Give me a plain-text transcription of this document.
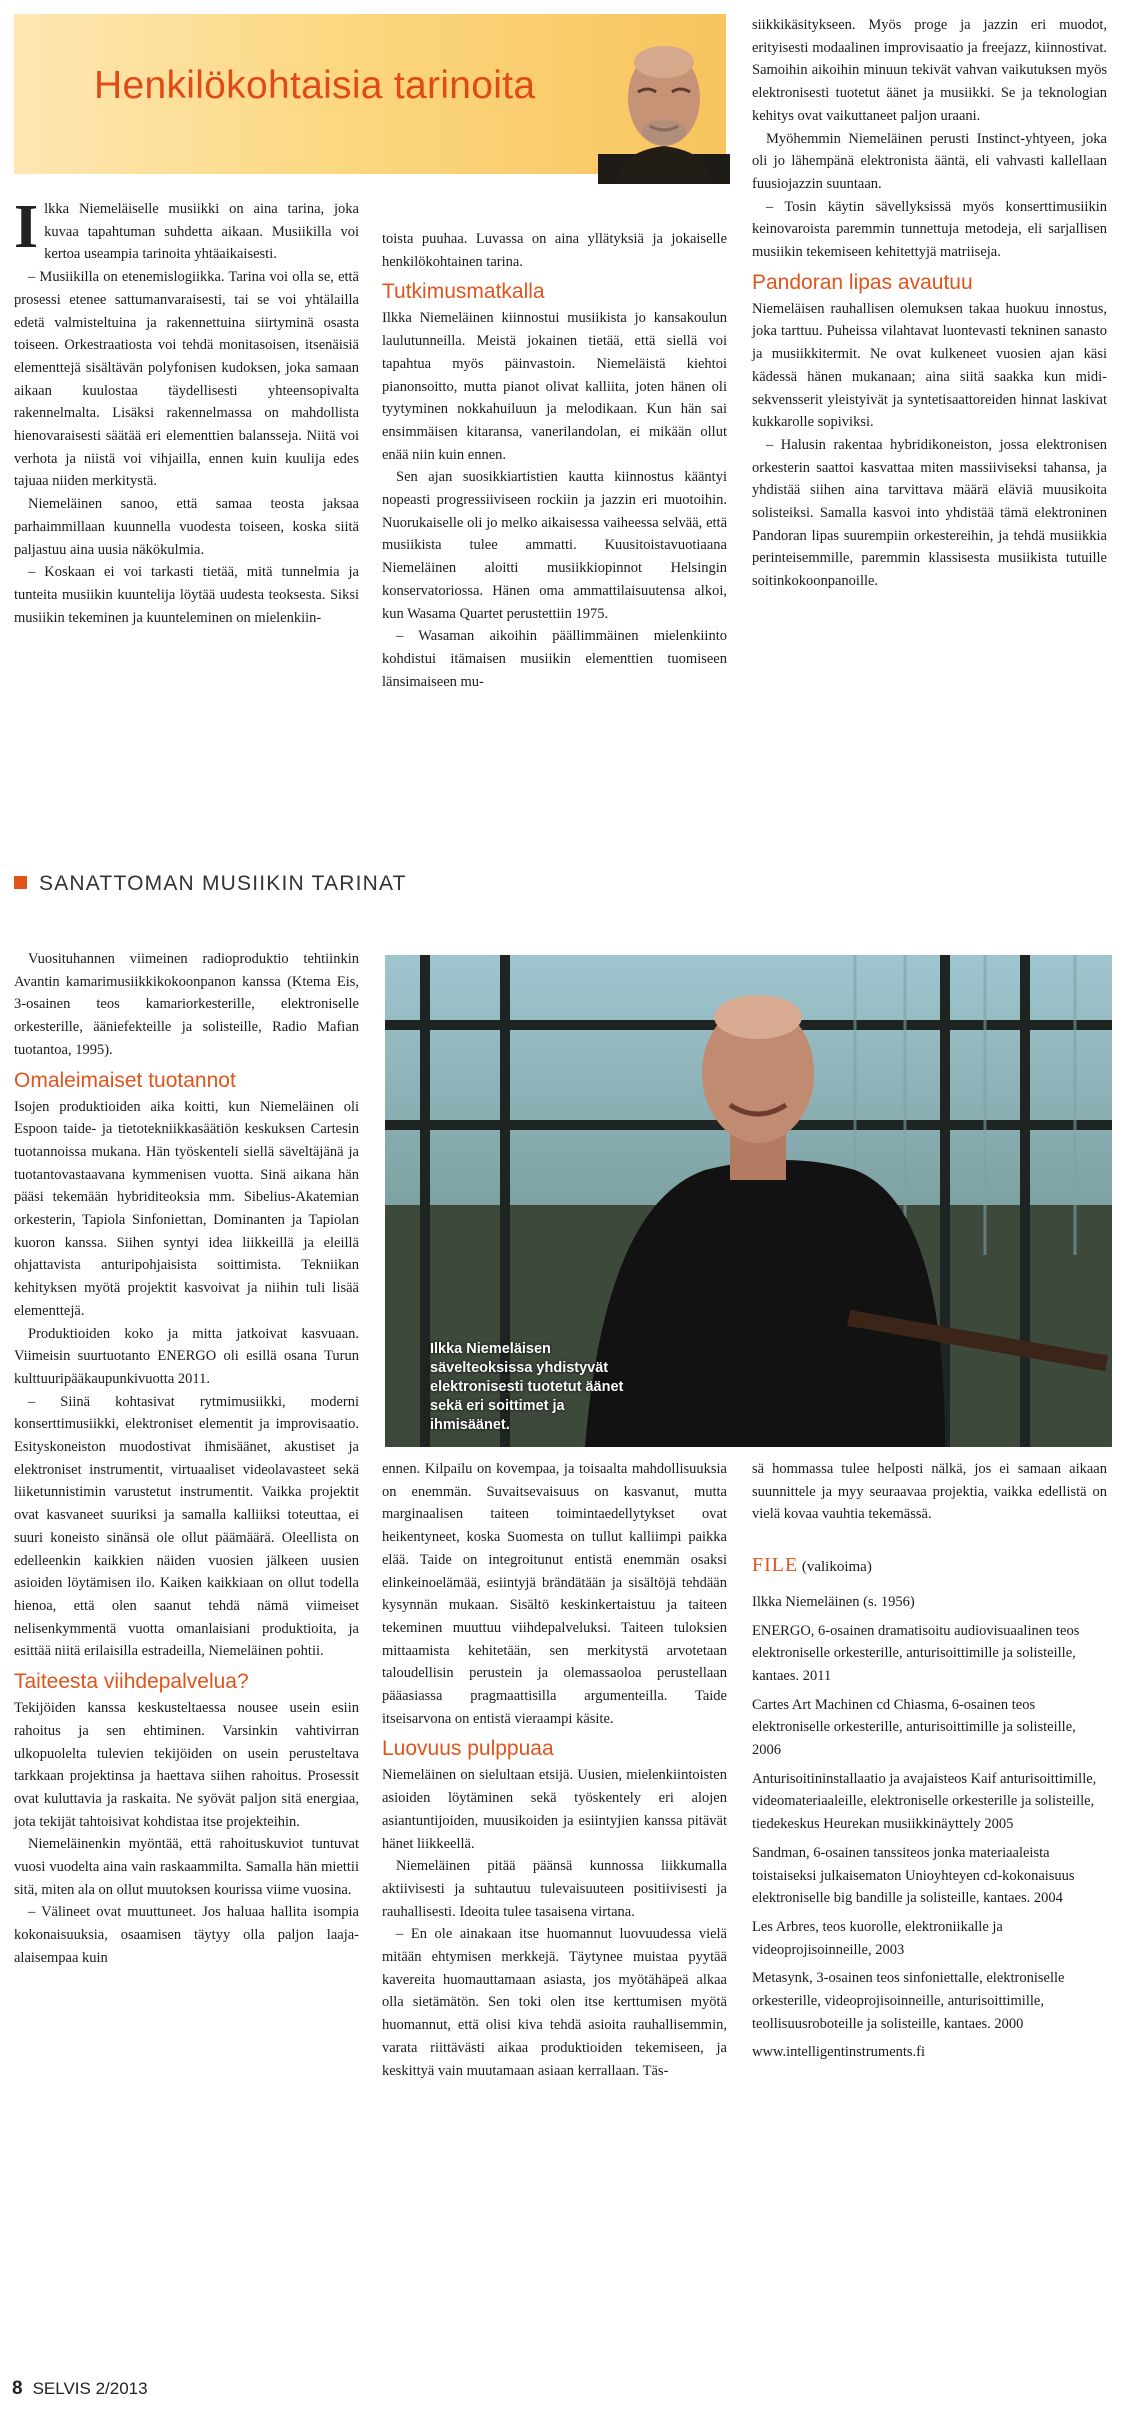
Henkilökohtaisia tarinoita

Ilkka Niemeläiselle musiikki on aina tarina, joka kuvaa tapahtuman suhdetta aikaan. Musiikilla voi kertoa useampia tarinoita yhtäaikaisesti.

– Musiikilla on etenemislogiikka. Tarina voi olla se, että prosessi etenee sattumanvaraisesti, tai se voi yhtälailla edetä valmisteltuina ja rakennettuina siirtyminä osasta toiseen. Orkestraatiosta voi tehdä monitasoisen, itsenäisiä elementtejä sisältävän polyfonisen kudoksen, joka samaan aikaan kuulostaa täydellisesti yhteensopivalta rakennelmalta. Lisäksi rakennelmassa on mahdollista hienovaraisesti säätää eri elementtien balansseja. Niitä voi verhota ja niistä voi vihjailla, ennen kuin kuulija edes tajuaa niiden merkitystä.

Niemeläinen sanoo, että samaa teosta jaksaa parhaimmillaan kuunnella vuodesta toiseen, koska siitä paljastuu aina uusia näkökulmia.

– Koskaan ei voi tarkasti tietää, mitä tunnelmia ja tunteita musiikin kuuntelija löytää uudesta teoksesta. Siksi musiikin tekeminen ja kuunteleminen on mielenkiin-

toista puuhaa. Luvassa on aina yllätyksiä ja jokaiselle henkilökohtainen tarina.

Tutkimusmatkalla

Ilkka Niemeläinen kiinnostui musiikista jo kansakoulun laulutunneilla. Meistä jokainen tietää, että siellä voi tapahtua myös päinvastoin. Niemeläistä kiehtoi pianonsoitto, mutta pianot olivat kalliita, joten hänen oli tyytyminen nokkahuiluun ja melodikaan. Kun hän sai ensimmäisen kitaransa, vanerilandolan, ei mikään ollut enää niin kuin ennen.

Sen ajan suosikkiartistien kautta kiinnostus kääntyi nopeasti progressiiviseen rockiin ja jazzin eri muotoihin. Nuorukaiselle oli jo melko aikaisessa vaiheessa selvää, että musiikista tulee ammatti. Kuusitoistavuotiaana Niemeläinen aloitti musiikkiopinnot Helsingin konservatoriossa. Hänen oma ammattilaisuutensa alkoi, kun Wasama Quartet perustettiin 1975.

– Wasaman aikoihin päällimmäinen mielenkiinto kohdistui itämaisen musiikin elementtien tuomiseen länsimaiseen mu-

siikkikäsitykseen. Myös proge ja jazzin eri muodot, erityisesti modaalinen improvisaatio ja freejazz, kiinnostivat. Samoihin aikoihin minuun tekivät vahvan vaikutuksen myös elektronisesti tuotetut äänet ja musiikki. Se ja teknologian kehitys ovat vaikuttaneet paljon uraani.

Myöhemmin Niemeläinen perusti Instinct-yhtyeen, joka oli jo lähempänä elektronista ääntä, eli vahvasti kallellaan fuusiojazzin suuntaan.

– Tosin käytin sävellyksissä myös konserttimusiikin keinovaroista paremmin tunnettuja metodeja, eli sarjallisen musiikin tekemiseen kehitettyjä matriiseja.

Pandoran lipas avautuu

Niemeläisen rauhallisen olemuksen takaa huokuu innostus, joka tarttuu. Puheissa vilahtavat luontevasti tekninen sanasto ja musiikkitermit. Ne ovat kulkeneet vuosien ajan käsi kädessä hänen mukanaan; aina siitä saakka kun midi-sekvensserit yleistyivät ja syntetisaattoreiden hinnat laskivat kukkarolle sopiviksi.

– Halusin rakentaa hybridikoneiston, jossa elektronisen orkesterin saattoi kasvattaa miten massiiviseksi tahansa, ja yhdistää siihen aina tarvittava määrä eläviä muusikoita solisteiksi. Samalla kasvoi into yhdistää tämä elektroninen Pandoran lipas suurempiin orkestereihin, ja tehdä musiikkia perinteisemmille, paremmin klassisesta musiikista tutuille soitinkokoonpanoille.

SANATTOMAN MUSIIKIN TARINAT
Ilkka Niemeläisen sävelteoksissa yhdistyvät elektronisesti tuotetut äänet sekä eri soittimet ja ihmisäänet.

Vuosituhannen viimeinen radioproduktio tehtiinkin Avantin kamarimusiikkikokoonpanon kanssa (Ktema Eis, 3-osainen teos kamariorkesterille, elektroniselle orkesterille, ääniefekteille ja solisteille, Radio Mafian tuotantoa, 1995).

Omaleimaiset tuotannot

Isojen produktioiden aika koitti, kun Niemeläinen oli Espoon taide- ja tietotekniikkasäätiön keskuksen Cartesin tuotannoissa mukana. Hän työskenteli siellä säveltäjänä ja tuotantovastaavana kymmenisen vuotta. Sinä aikana hän pääsi tekemään hybriditeoksia mm. Sibelius-Akatemian orkesterin, Tapiola Sinfoniettan, Dominanten ja Tapiolan kuoron kanssa. Siihen syntyi idea liikkeillä ja eleillä ohjattavista anturipohjaisista soittimista. Tekniikan kehityksen myötä projektit kasvoivat ja niihin tuli lisää elementtejä.

Produktioiden koko ja mitta jatkoivat kasvuaan. Viimeisin suurtuotanto ENERGO oli esillä osana Turun kulttuuripääkaupunkivuotta 2011.

– Siinä kohtasivat rytmimusiikki, moderni konserttimusiikki, elektroniset elementit ja improvisaatio. Esityskoneiston muodostivat ihmisäänet, akustiset ja elektroniset instrumentit, virtuaaliset videolavasteet sekä liiketunnistimin varustetut instrumentit. Vaikka projektit ovat kasvaneet suuriksi ja samalla kalliiksi toteuttaa, ei suuri koneisto sinänsä ole ollut päämäärä. Oleellista on edelleenkin kaikkien näiden vuosien jälkeen uusien asioiden löytämisen ilo. Kaiken kaikkiaan on ollut todella hienoa, että olen saanut tehdä nämä viimeiset nelisenkymmentä vuotta omanlaisiani produktioita, ja esittää niitä erilaisilla estradeilla, Niemeläinen pohtii.

Taiteesta viihdepalveluа?

Tekijöiden kanssa keskusteltaessa nousee usein esiin rahoitus ja sen ehtiminen. Varsinkin vahtivirran ulkopuolelta tulevien tekijöiden on usein perusteltava tarkkaan projektinsa ja haettava siihen rahoitus. Prosessit ovat kuluttavia ja raskaita. Ne syövät paljon sitä energiaa, jota tekijät tahtoisivat kohdistaa itse projekteihin.

Niemeläinenkin myöntää, että rahoituskuviot tuntuvat vuosi vuodelta aina vain raskaammilta. Samalla hän miettii sitä, miten ala on ollut muutoksen kourissa viime vuosina.

– Välineet ovat muuttuneet. Jos haluaa hallita isompia kokonaisuuksia, osaamisen täytyy olla paljon laaja-alaisempaa kuin

ennen. Kilpailu on kovempaa, ja toisaalta mahdollisuuksia on enemmän. Suvaitsevaisuus on kasvanut, mutta marginaalisen taiteen toimintaedellytykset ovat heikentyneet, koska Suomesta on tullut kalliimpi paikka elää. Taide on integroitunut entistä enemmän osaksi elinkeinoelämää, esiintyjä brändätään ja sisältöjä tehdään kysynnän mukaan. Sisältö keskinkertaistuu ja taiteen tekeminen muuttuu viihdepalveluksi. Taiteen tuloksien mittaamista kehitetään, sen merkitystä arvotetaan taloudellisin perustein ja olemassaoloa perustellaan pääasiassa pragmaattisilla argumenteilla. Taide itseisarvona on entistä vieraampi käsite.

Luovuus pulppuaa

Niemeläinen on sielultaan etsijä. Uusien, mielenkiintoisten asioiden löytäminen sekä työskentely eri alojen asiantuntijoiden, muusikoiden ja esiintyjien kanssa pitävät hänet liikkeellä.

Niemeläinen pitää päänsä kunnossa liikkumalla aktiivisesti ja suhtautuu tulevaisuuteen positiivisesti ja rauhallisesti. Ideoita tulee tasaisena virtana.

– En ole ainakaan itse huomannut luovuudessa vielä mitään ehtymisen merkkejä. Täytynee muistaa pyytää kavereita huomauttamaan asiasta, jos myötähäpeä alkaa olla sietämätön. Sen toki olen itse kerttumisen myötä huomannut, että olisi kiva tehdä asioita rauhallisemmin, varata riittävästi aikaa produktioiden tekemiseen, ja keskittyä vain muutamaan asiaan kerrallaan. Täs-

sä hommassa tulee helposti nälkä, jos ei samaan aikaan suunnittele ja myy seuraavaa projektia, vaikka edellistä on vielä kovaa vauhtia tekemässä.

FILE (valikoima)

Ilkka Niemeläinen (s. 1956)

ENERGO, 6-osainen dramatisoitu audiovisuaalinen teos elektroniselle orkesterille, anturisoittimille ja solisteille, kantaes. 2011

Cartes Art Machinen cd Chiasma, 6-osainen teos elektroniselle orkesterille, anturisoittimille ja solisteille, 2006

Anturisoitininstallaatio ja avajaisteos Kaif anturisoittimille, videomateriaaleille, elektroniselle orkesterille ja solisteille, tiedekeskus Heurekan musiikkinäyttely 2005

Sandman, 6-osainen tanssiteos jonka materiaaleista toistaiseksi julkaisematon Unioyhteyen cd-kokonaisuus elektroniselle big bandille ja solisteille, kantaes. 2004

Les Arbres, teos kuorolle, elektroniikalle ja videoprojisoinneille, 2003

Metasynk, 3-osainen teos sinfoniettalle, elektroniselle orkesterille, videoprojisoinneille, anturisoittimille, teollisuusroboteille ja solisteille, kantaes. 2000

www.intelligentinstruments.fi

8 SELVIS 2/2013
